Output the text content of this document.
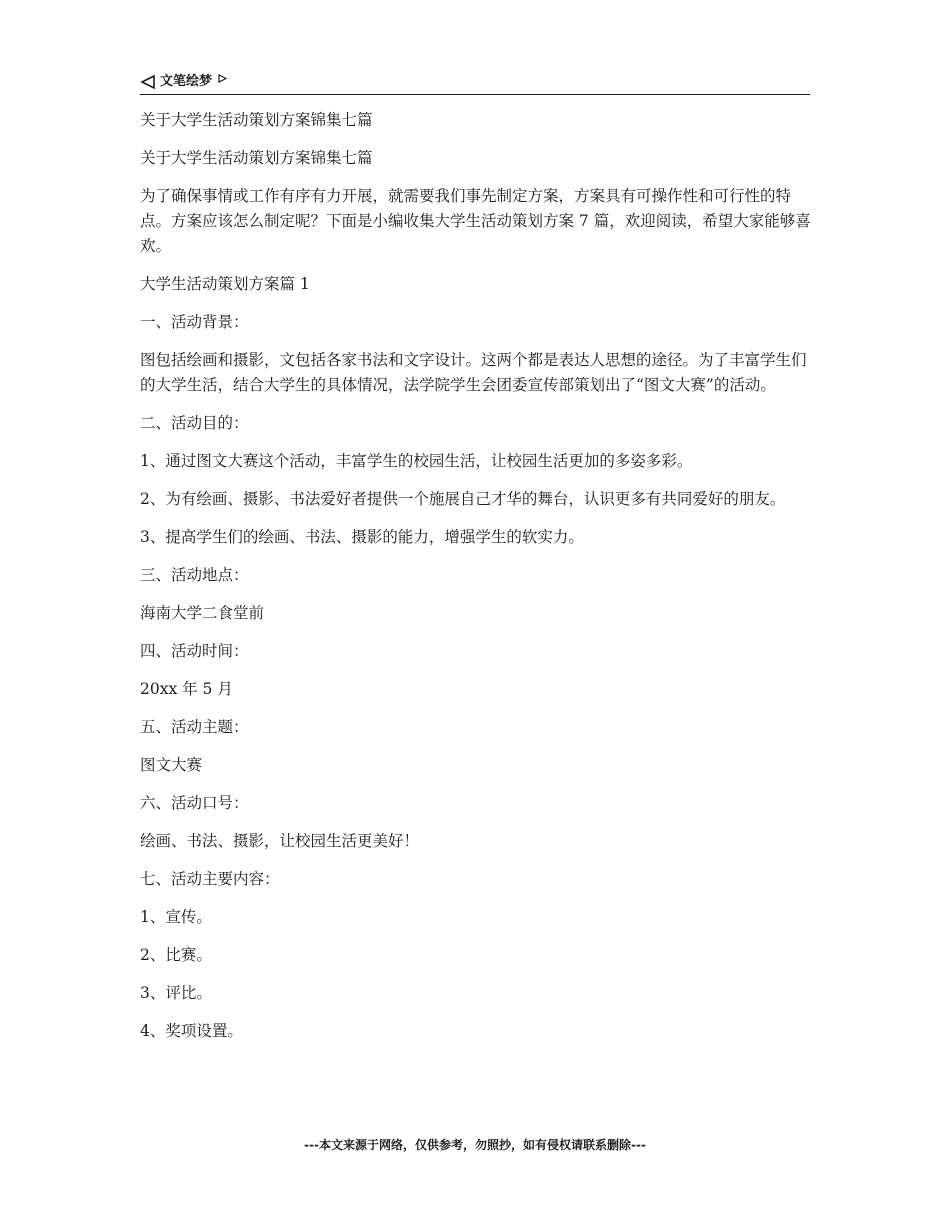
文笔绘梦

关于大学生活动策划方案锦集七篇

关于大学生活动策划方案锦集七篇

为了确保事情或工作有序有力开展，就需要我们事先制定方案，方案具有可操作性和可行性的特点。方案应该怎么制定呢？下面是小编收集大学生活动策划方案 7 篇，欢迎阅读，希望大家能够喜欢。

大学生活动策划方案篇 1

一、活动背景：

图包括绘画和摄影，文包括各家书法和文字设计。这两个都是表达人思想的途径。为了丰富学生们的大学生活，结合大学生的具体情况，法学院学生会团委宣传部策划出了“图文大赛”的活动。

二、活动目的：

1、通过图文大赛这个活动，丰富学生的校园生活，让校园生活更加的多姿多彩。

2、为有绘画、摄影、书法爱好者提供一个施展自己才华的舞台，认识更多有共同爱好的朋友。

3、提高学生们的绘画、书法、摄影的能力，增强学生的软实力。

三、活动地点：

海南大学二食堂前

四、活动时间：

20xx 年 5 月

五、活动主题：

图文大赛

六、活动口号：

绘画、书法、摄影，让校园生活更美好！

七、活动主要内容：

1、宣传。

2、比赛。

3、评比。

4、奖项设置。

---本文来源于网络，仅供参考，勿照抄，如有侵权请联系删除---
